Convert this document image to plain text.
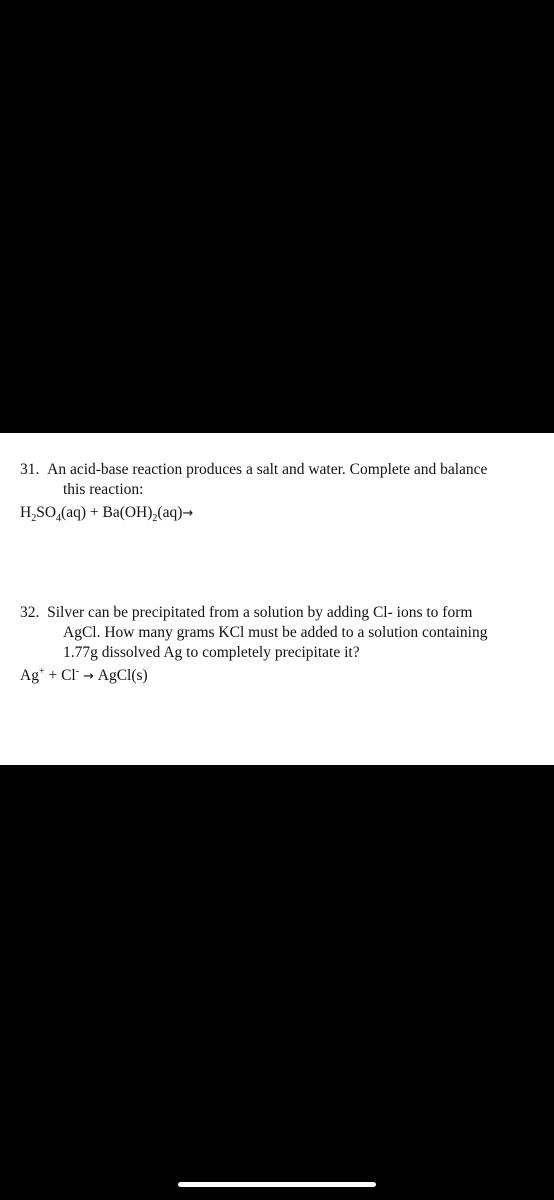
31. An acid-base reaction produces a salt and water. Complete and balance
this reaction:
$H_2SO_4(aq) + Ba(OH)_2(aq)\to$
32. Silver can be precipitated from a solution by adding Cl- ions to form
AgCl. How many grams KCl must be added to a solution containing
1.77g dissolved Ag to completely precipitate it?
Ag+ + Cl- → AgCl(s)
